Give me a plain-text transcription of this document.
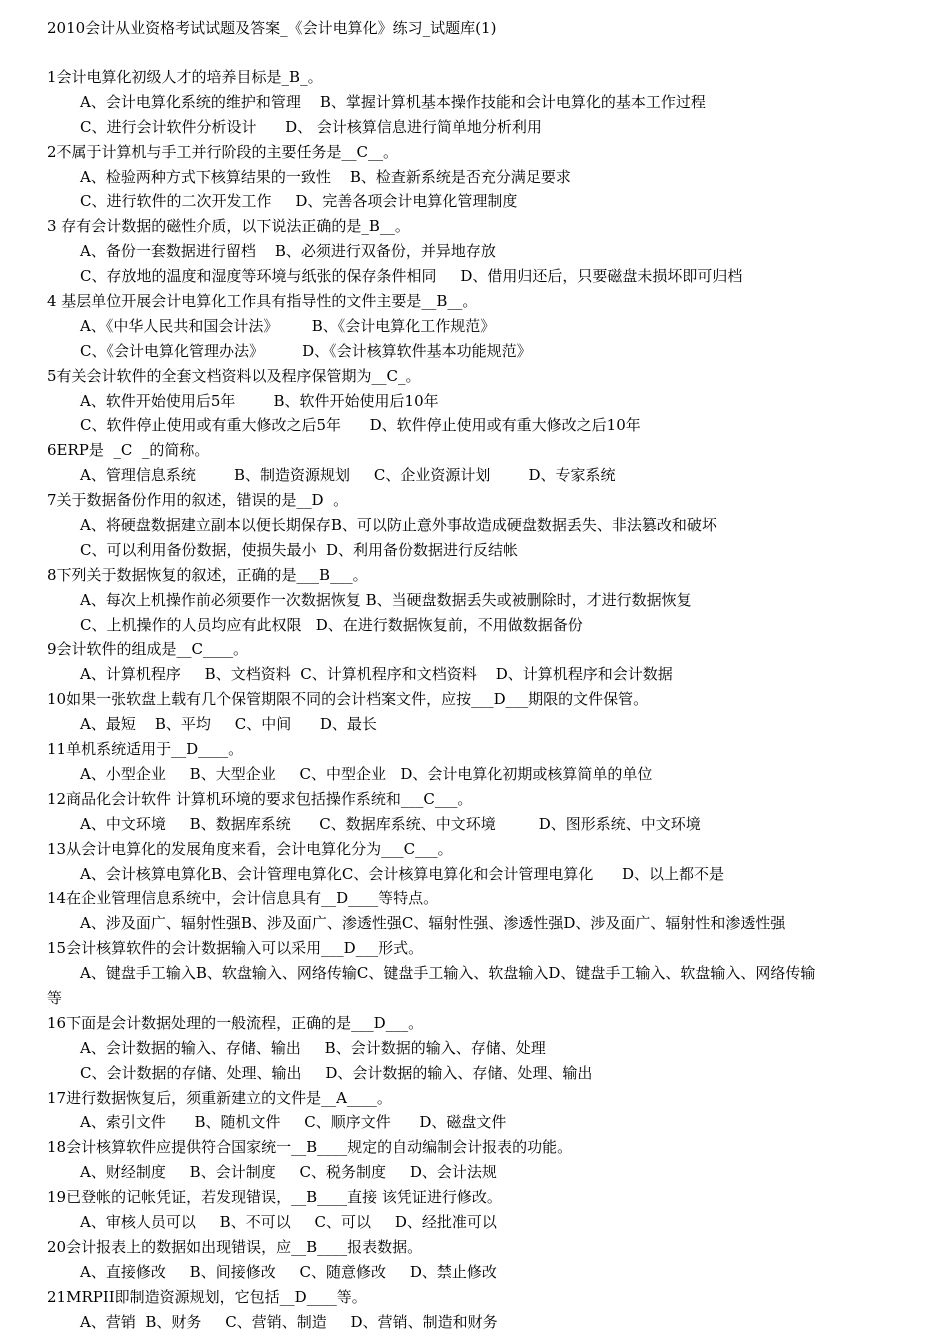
2010会计从业资格考试试题及答案_《会计电算化》练习_试题库(1)
1会计电算化初级人才的培养目标是_B_。
A、会计电算化系统的维护和管理    B、掌握计算机基本操作技能和会计电算化的基本工作过程
C、进行会计软件分析设计      D、 会计核算信息进行简单地分析利用
2不属于计算机与手工并行阶段的主要任务是__C__。
A、检验两种方式下核算结果的一致性    B、检查新系统是否充分满足要求
C、进行软件的二次开发工作     D、完善各项会计电算化管理制度
3 存有会计数据的磁性介质，以下说法正确的是_B__。
A、备份一套数据进行留档    B、必须进行双备份，并异地存放
C、存放地的温度和湿度等环境与纸张的保存条件相同     D、借用归还后，只要磁盘未损坏即可归档
4 基层单位开展会计电算化工作具有指导性的文件主要是__B__。
A、《中华人民共和国会计法》       B、《会计电算化工作规范》
C、《会计电算化管理办法》        D、《会计核算软件基本功能规范》
5有关会计软件的全套文档资料以及程序保管期为__C_。
A、软件开始使用后5年        B、软件开始使用后10年
C、软件停止使用或有重大修改之后5年      D、软件停止使用或有重大修改之后10年
6ERP是  _C  _的简称。
A、管理信息系统        B、制造资源规划     C、企业资源计划        D、专家系统
7关于数据备份作用的叙述，错误的是__D  。
A、将硬盘数据建立副本以便长期保存B、可以防止意外事故造成硬盘数据丢失、非法篡改和破坏
C、可以利用备份数据，使损失最小  D、利用备份数据进行反结帐
8下列关于数据恢复的叙述，正确的是___B___。
A、每次上机操作前必须要作一次数据恢复 B、当硬盘数据丢失或被删除时，才进行数据恢复
C、上机操作的人员均应有此权限   D、在进行数据恢复前，不用做数据备份
9会计软件的组成是__C____。
A、计算机程序     B、文档资料  C、计算机程序和文档资料    D、计算机程序和会计数据
10如果一张软盘上载有几个保管期限不同的会计档案文件，应按___D___期限的文件保管。
A、最短    B、平均     C、中间      D、最长
11单机系统适用于__D____。
A、小型企业     B、大型企业     C、中型企业   D、会计电算化初期或核算简单的单位
12商品化会计软件 计算机环境的要求包括操作系统和___C___。
A、中文环境     B、数据库系统      C、数据库系统、中文环境         D、图形系统、中文环境
13从会计电算化的发展角度来看，会计电算化分为___C___。
A、会计核算电算化B、会计管理电算化C、会计核算电算化和会计管理电算化      D、以上都不是
14在企业管理信息系统中，会计信息具有__D____等特点。
A、涉及面广、辐射性强B、涉及面广、渗透性强C、辐射性强、渗透性强D、涉及面广、辐射性和渗透性强
15会计核算软件的会计数据输入可以采用___D___形式。
A、键盘手工输入B、软盘输入、网络传输C、键盘手工输入、软盘输入D、键盘手工输入、软盘输入、网络传输
等
16下面是会计数据处理的一般流程，正确的是___D___。
A、会计数据的输入、存储、输出     B、会计数据的输入、存储、处理
C、会计数据的存储、处理、输出     D、会计数据的输入、存储、处理、输出
17进行数据恢复后，须重新建立的文件是__A____。
A、索引文件      B、随机文件     C、顺序文件      D、磁盘文件
18会计核算软件应提供符合国家统一__B____规定的自动编制会计报表的功能。
A、财经制度     B、会计制度     C、税务制度     D、会计法规
19已登帐的记帐凭证，若发现错误，__B____直接 该凭证进行修改。
A、审核人员可以     B、不可以     C、可以     D、经批准可以
20会计报表上的数据如出现错误，应__B____报表数据。
A、直接修改     B、间接修改     C、随意修改     D、禁止修改
21MRPII即制造资源规划，它包括__D____等。
A、营销  B、财务     C、营销、制造     D、营销、制造和财务
